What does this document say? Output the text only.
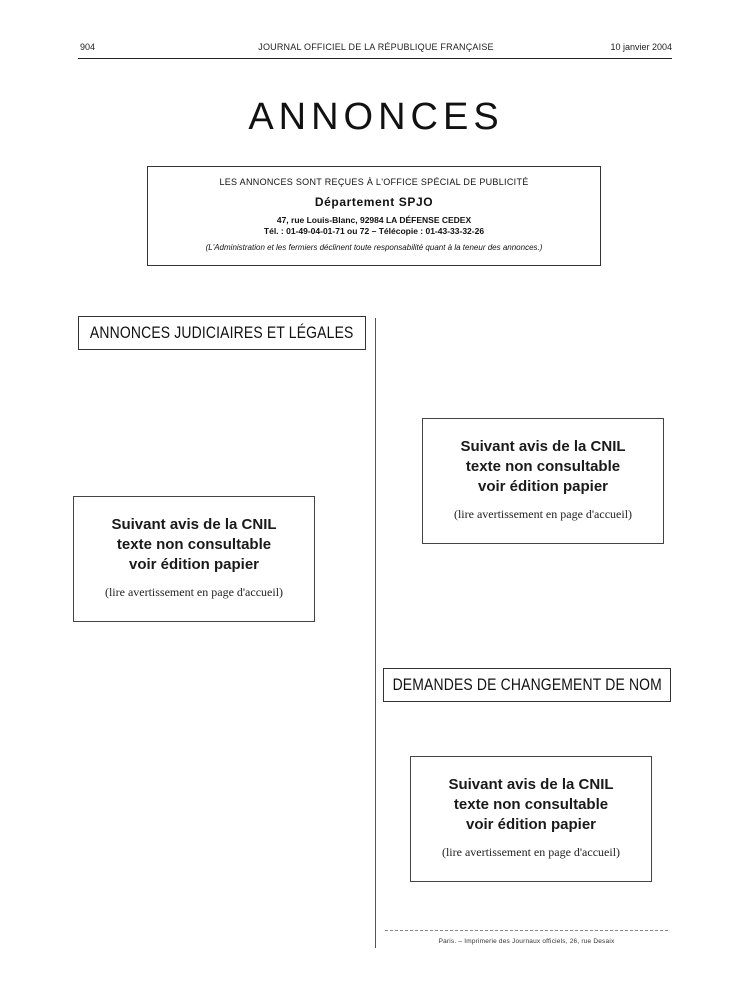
904	JOURNAL OFFICIEL DE LA RÉPUBLIQUE FRANÇAISE	10 janvier 2004
ANNONCES
LES ANNONCES SONT REÇUES À L'OFFICE SPÉCIAL DE PUBLICITÉ
Département SPJO
47, rue Louis-Blanc, 92984 LA DÉFENSE CEDEX
Tél. : 01-49-04-01-71 ou 72 – Télécopie : 01-43-33-32-26
(L'Administration et les fermiers déclinent toute responsabilité quant à la teneur des annonces.)
ANNONCES JUDICIAIRES ET LÉGALES
Suivant avis de la CNIL
texte non consultable
voir édition papier
(lire avertissement en page d'accueil)
Suivant avis de la CNIL
texte non consultable
voir édition papier
(lire avertissement en page d'accueil)
DEMANDES DE CHANGEMENT DE NOM
Suivant avis de la CNIL
texte non consultable
voir édition papier
(lire avertissement en page d'accueil)
Paris. – Imprimerie des Journaux officiels, 26, rue Desaix
